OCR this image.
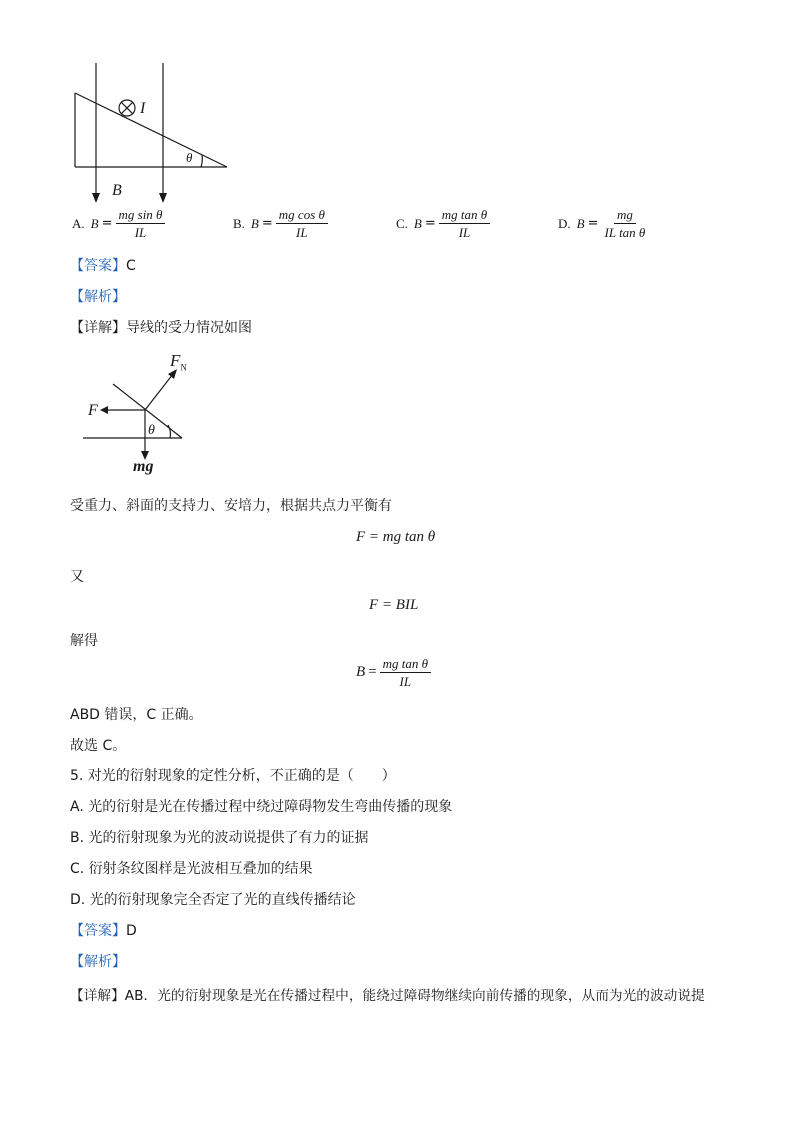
I
θ
B
A. $B = \frac{\text{mg sin θ}}{IL}$	B. $B = \frac{\text{mg cos θ}}{IL}$	C. $B = \frac{\text{mg tan θ}}{IL}$	D. $B = \frac{mg}{\text{IL tan θ}}$
【答案】C
【解析】
【详解】导线的受力情况如图
$F_N$
F
θ
mg
受重力、斜面的支持力、安培力，根据共点力平衡有
F = mg tan θ
又
F = BIL
解得
$B = \frac{\text{mg tan θ}}{IL}$
ABD 错误，C 正确。
故选 C。
5. 对光的衍射现象的定性分析，不正确的是（　　）
A. 光的衍射是光在传播过程中绕过障碍物发生弯曲传播的现象
B. 光的衍射现象为光的波动说提供了有力的证据
C. 衍射条纹图样是光波相互叠加的结果
D. 光的衍射现象完全否定了光的直线传播结论
【答案】D
【解析】
【详解】AB．光的衍射现象是光在传播过程中，能绕过障碍物继续向前传播的现象，从而为光的波动说提
